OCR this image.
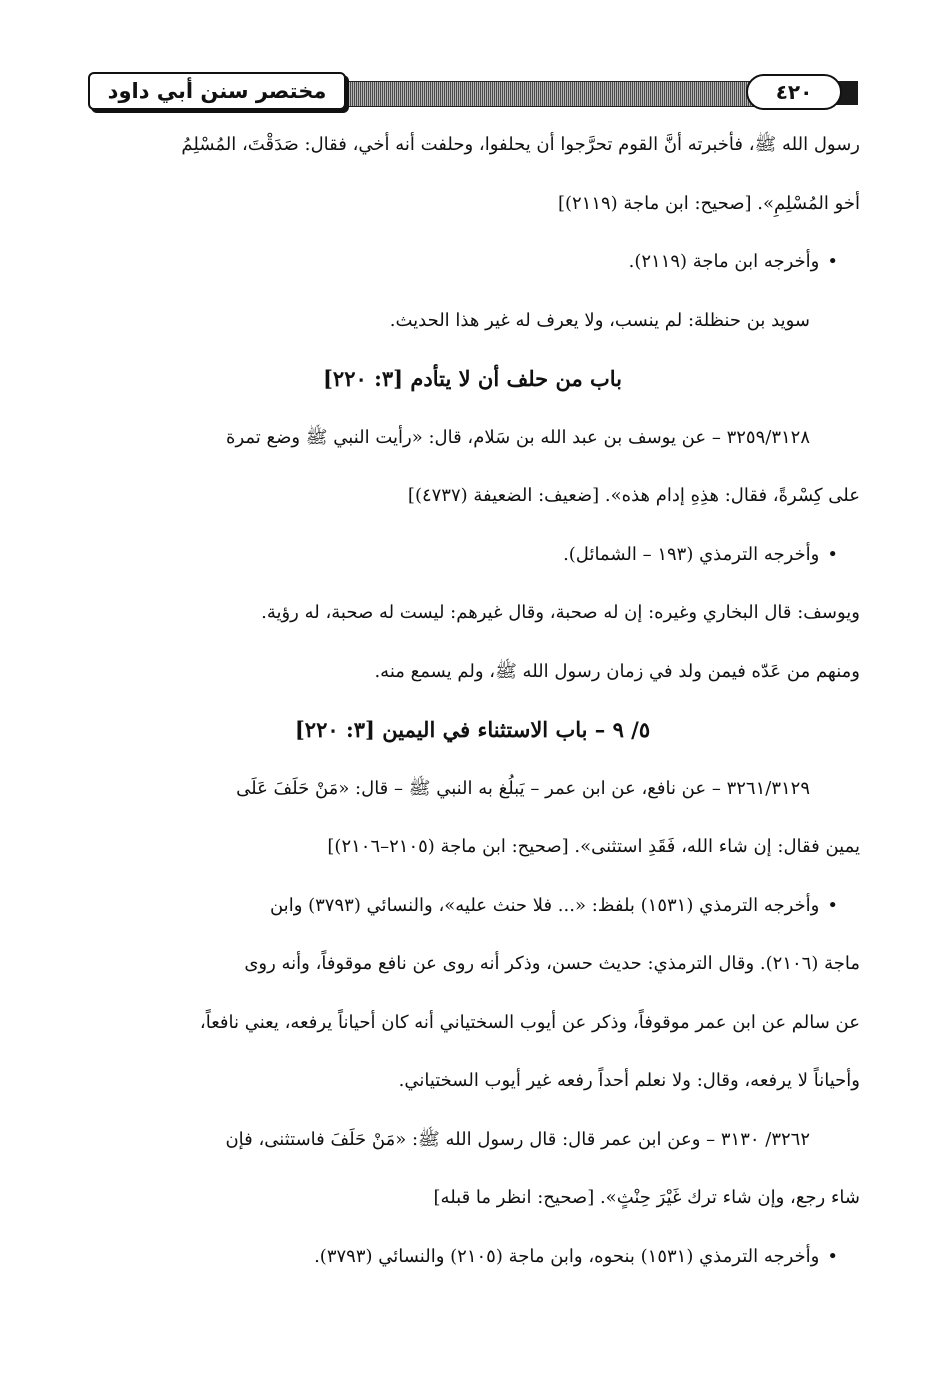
مختصر سنن أبي داود	٤٢٠
رسول الله ﷺ، فأخبرته أنَّ القوم تحرَّجوا أن يحلفوا، وحلفت أنه أخي، فقال: صَدَقْتَ، المُسْلِمُ
أخو المُسْلِمِ». [صحيح: ابن ماجة (٢١١٩)]
• وأخرجه ابن ماجة (٢١١٩).
سويد بن حنظلة: لم ينسب، ولا يعرف له غير هذا الحديث.
باب من حلف أن لا يتأدم [٣: ٢٢٠]
٣٢٥٩/٣١٢٨ – عن يوسف بن عبد الله بن سَلام، قال: «رأيت النبي ﷺ وضع تمرة
على كِسْرةً، فقال: هذِهِ إدام هذه». [ضعيف: الضعيفة (٤٧٣٧)]
• وأخرجه الترمذي (١٩٣ – الشمائل).
ويوسف: قال البخاري وغيره: إن له صحبة، وقال غيرهم: ليست له صحبة، له رؤية.
ومنهم من عَدّه فيمن ولد في زمان رسول الله ﷺ، ولم يسمع منه.
٥/ ٩ – باب الاستثناء في اليمين [٣: ٢٢٠]
٣٢٦١/٣١٢٩ – عن نافع، عن ابن عمر – يَبلُغ به النبي ﷺ – قال: «مَنْ حَلَفَ عَلَى
يمين فقال: إن شاء الله، فَقَدِ استثنى». [صحيح: ابن ماجة (٢١٠٥–٢١٠٦)]
• وأخرجه الترمذي (١٥٣١) بلفظ: «... فلا حنث عليه»، والنسائي (٣٧٩٣) وابن
ماجة (٢١٠٦). وقال الترمذي: حديث حسن، وذكر أنه روى عن نافع موقوفاً، وأنه روى
عن سالم عن ابن عمر موقوفاً، وذكر عن أيوب السختياني أنه كان أحياناً يرفعه، يعني نافعاً،
وأحياناً لا يرفعه، وقال: ولا نعلم أحداً رفعه غير أيوب السختياني.
٣٢٦٢/ ٣١٣٠ – وعن ابن عمر قال: قال رسول الله ﷺ: «مَنْ حَلَفَ فاستثنى، فإن
شاء رجع، وإن شاء ترك غَيْرَ حِنْثٍ». [صحيح: انظر ما قبله]
• وأخرجه الترمذي (١٥٣١) بنحوه، وابن ماجة (٢١٠٥) والنسائي (٣٧٩٣).
